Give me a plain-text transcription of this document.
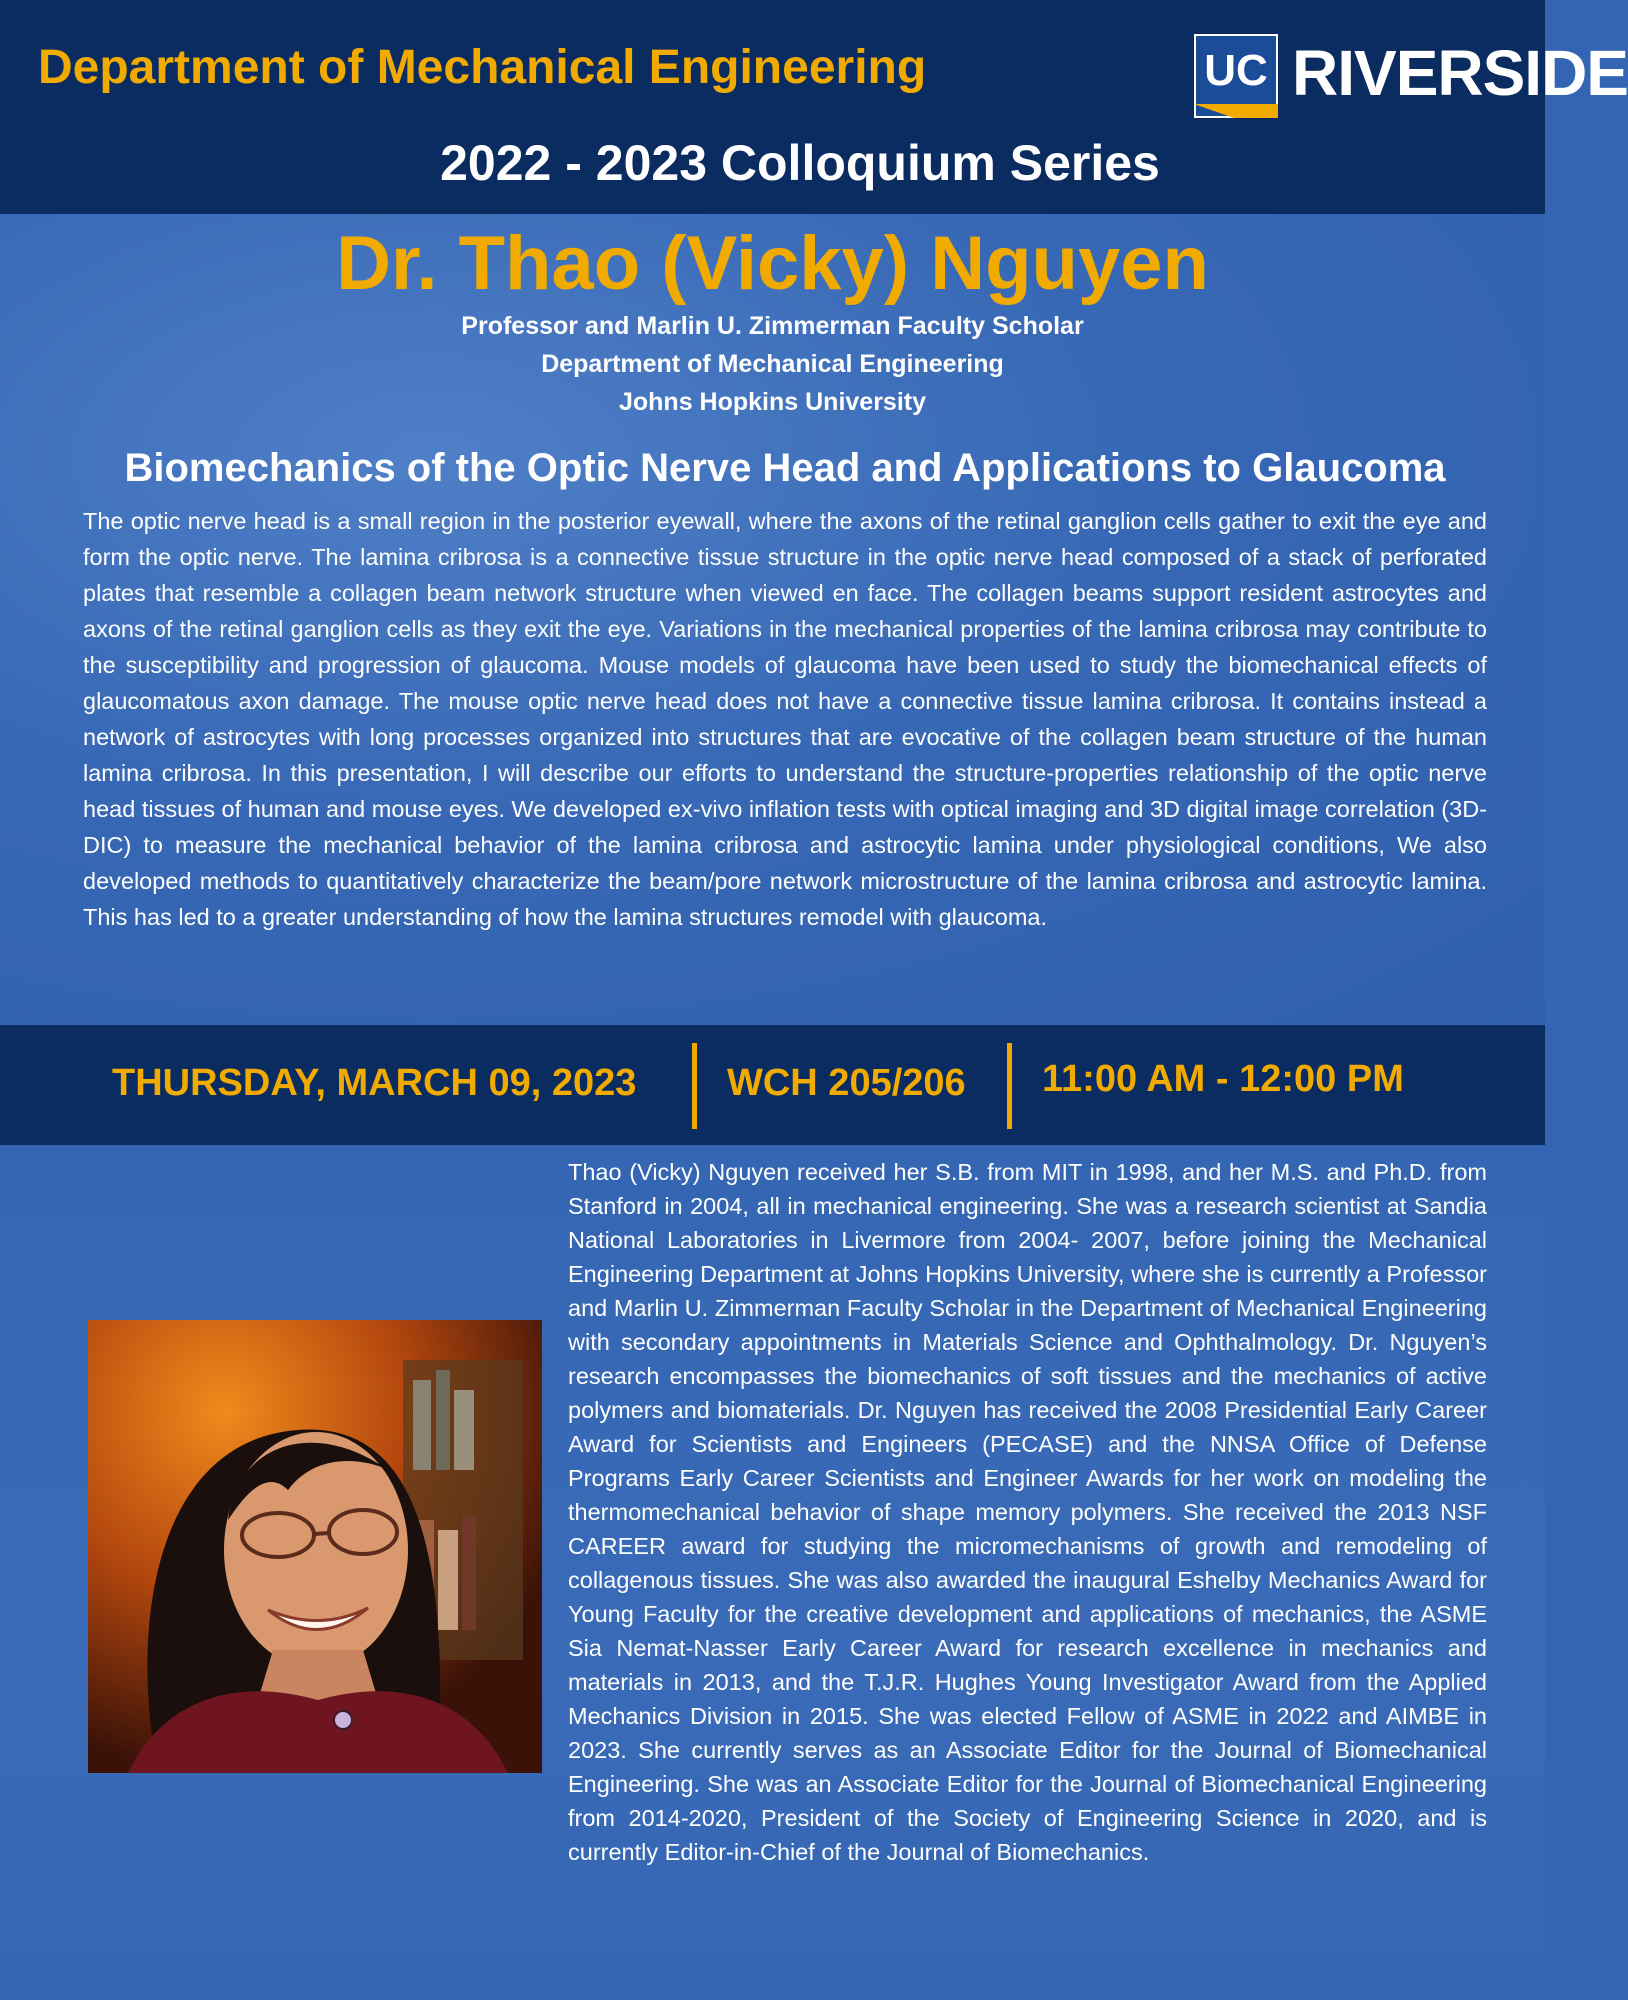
Department of Mechanical Engineering	UC RIVERSIDE
2022 - 2023 Colloquium Series
Dr. Thao (Vicky) Nguyen
Professor and Marlin U. Zimmerman Faculty Scholar
Department of Mechanical Engineering
Johns Hopkins University
Biomechanics of the Optic Nerve Head and Applications to Glaucoma
The optic nerve head is a small region in the posterior eyewall, where the axons of the retinal ganglion cells gather to exit the eye and form the optic nerve. The lamina cribrosa is a connective tissue structure in the optic nerve head composed of a stack of perforated plates that resemble a collagen beam network structure when viewed en face. The collagen beams support resident astrocytes and axons of the retinal ganglion cells as they exit the eye. Variations in the mechanical properties of the lamina cribrosa may contribute to the susceptibility and progression of glaucoma. Mouse models of glaucoma have been used to study the biomechanical effects of glaucomatous axon damage. The mouse optic nerve head does not have a connective tissue lamina cribrosa. It contains instead a network of astrocytes with long processes organized into structures that are evocative of the collagen beam structure of the human lamina cribrosa. In this presentation, I will describe our efforts to understand the structure-properties relationship of the optic nerve head tissues of human and mouse eyes. We developed ex-vivo inflation tests with optical imaging and 3D digital image correlation (3D-DIC) to measure the mechanical behavior of the lamina cribrosa and astrocytic lamina under physiological conditions, We also developed methods to quantitatively characterize the beam/pore network microstructure of the lamina cribrosa and astrocytic lamina. This has led to a greater understanding of how the lamina structures remodel with glaucoma.
THURSDAY, MARCH 09, 2023 WCH 205/206 11:00 AM - 12:00 PM
Thao (Vicky) Nguyen received her S.B. from MIT in 1998, and her M.S. and Ph.D. from Stanford in 2004, all in mechanical engineering. She was a research scientist at Sandia National Laboratories in Livermore from 2004- 2007, before joining the Mechanical Engineering Department at Johns Hopkins University, where she is currently a Professor and Marlin U. Zimmerman Faculty Scholar in the Department of Mechanical Engineering with secondary appointments in Materials Science and Ophthalmology. Dr. Nguyen’s research encompasses the biomechanics of soft tissues and the mechanics of active polymers and biomaterials. Dr. Nguyen has received the 2008 Presidential Early Career Award for Scientists and Engineers (PECASE) and the NNSA Office of Defense Programs Early Career Scientists and Engineer Awards for her work on modeling the thermomechanical behavior of shape memory polymers. She received the 2013 NSF CAREER award for studying the micromechanisms of growth and remodeling of collagenous tissues. She was also awarded the inaugural Eshelby Mechanics Award for Young Faculty for the creative development and applications of mechanics, the ASME Sia Nemat-Nasser Early Career Award for research excellence in mechanics and materials in 2013, and the T.J.R. Hughes Young Investigator Award from the Applied Mechanics Division in 2015. She was elected Fellow of ASME in 2022 and AIMBE in 2023. She currently serves as an Associate Editor for the Journal of Biomechanical Engineering. She was an Associate Editor for the Journal of Biomechanical Engineering from 2014-2020, President of the Society of Engineering Science in 2020, and is currently Editor-in-Chief of the Journal of Biomechanics.
